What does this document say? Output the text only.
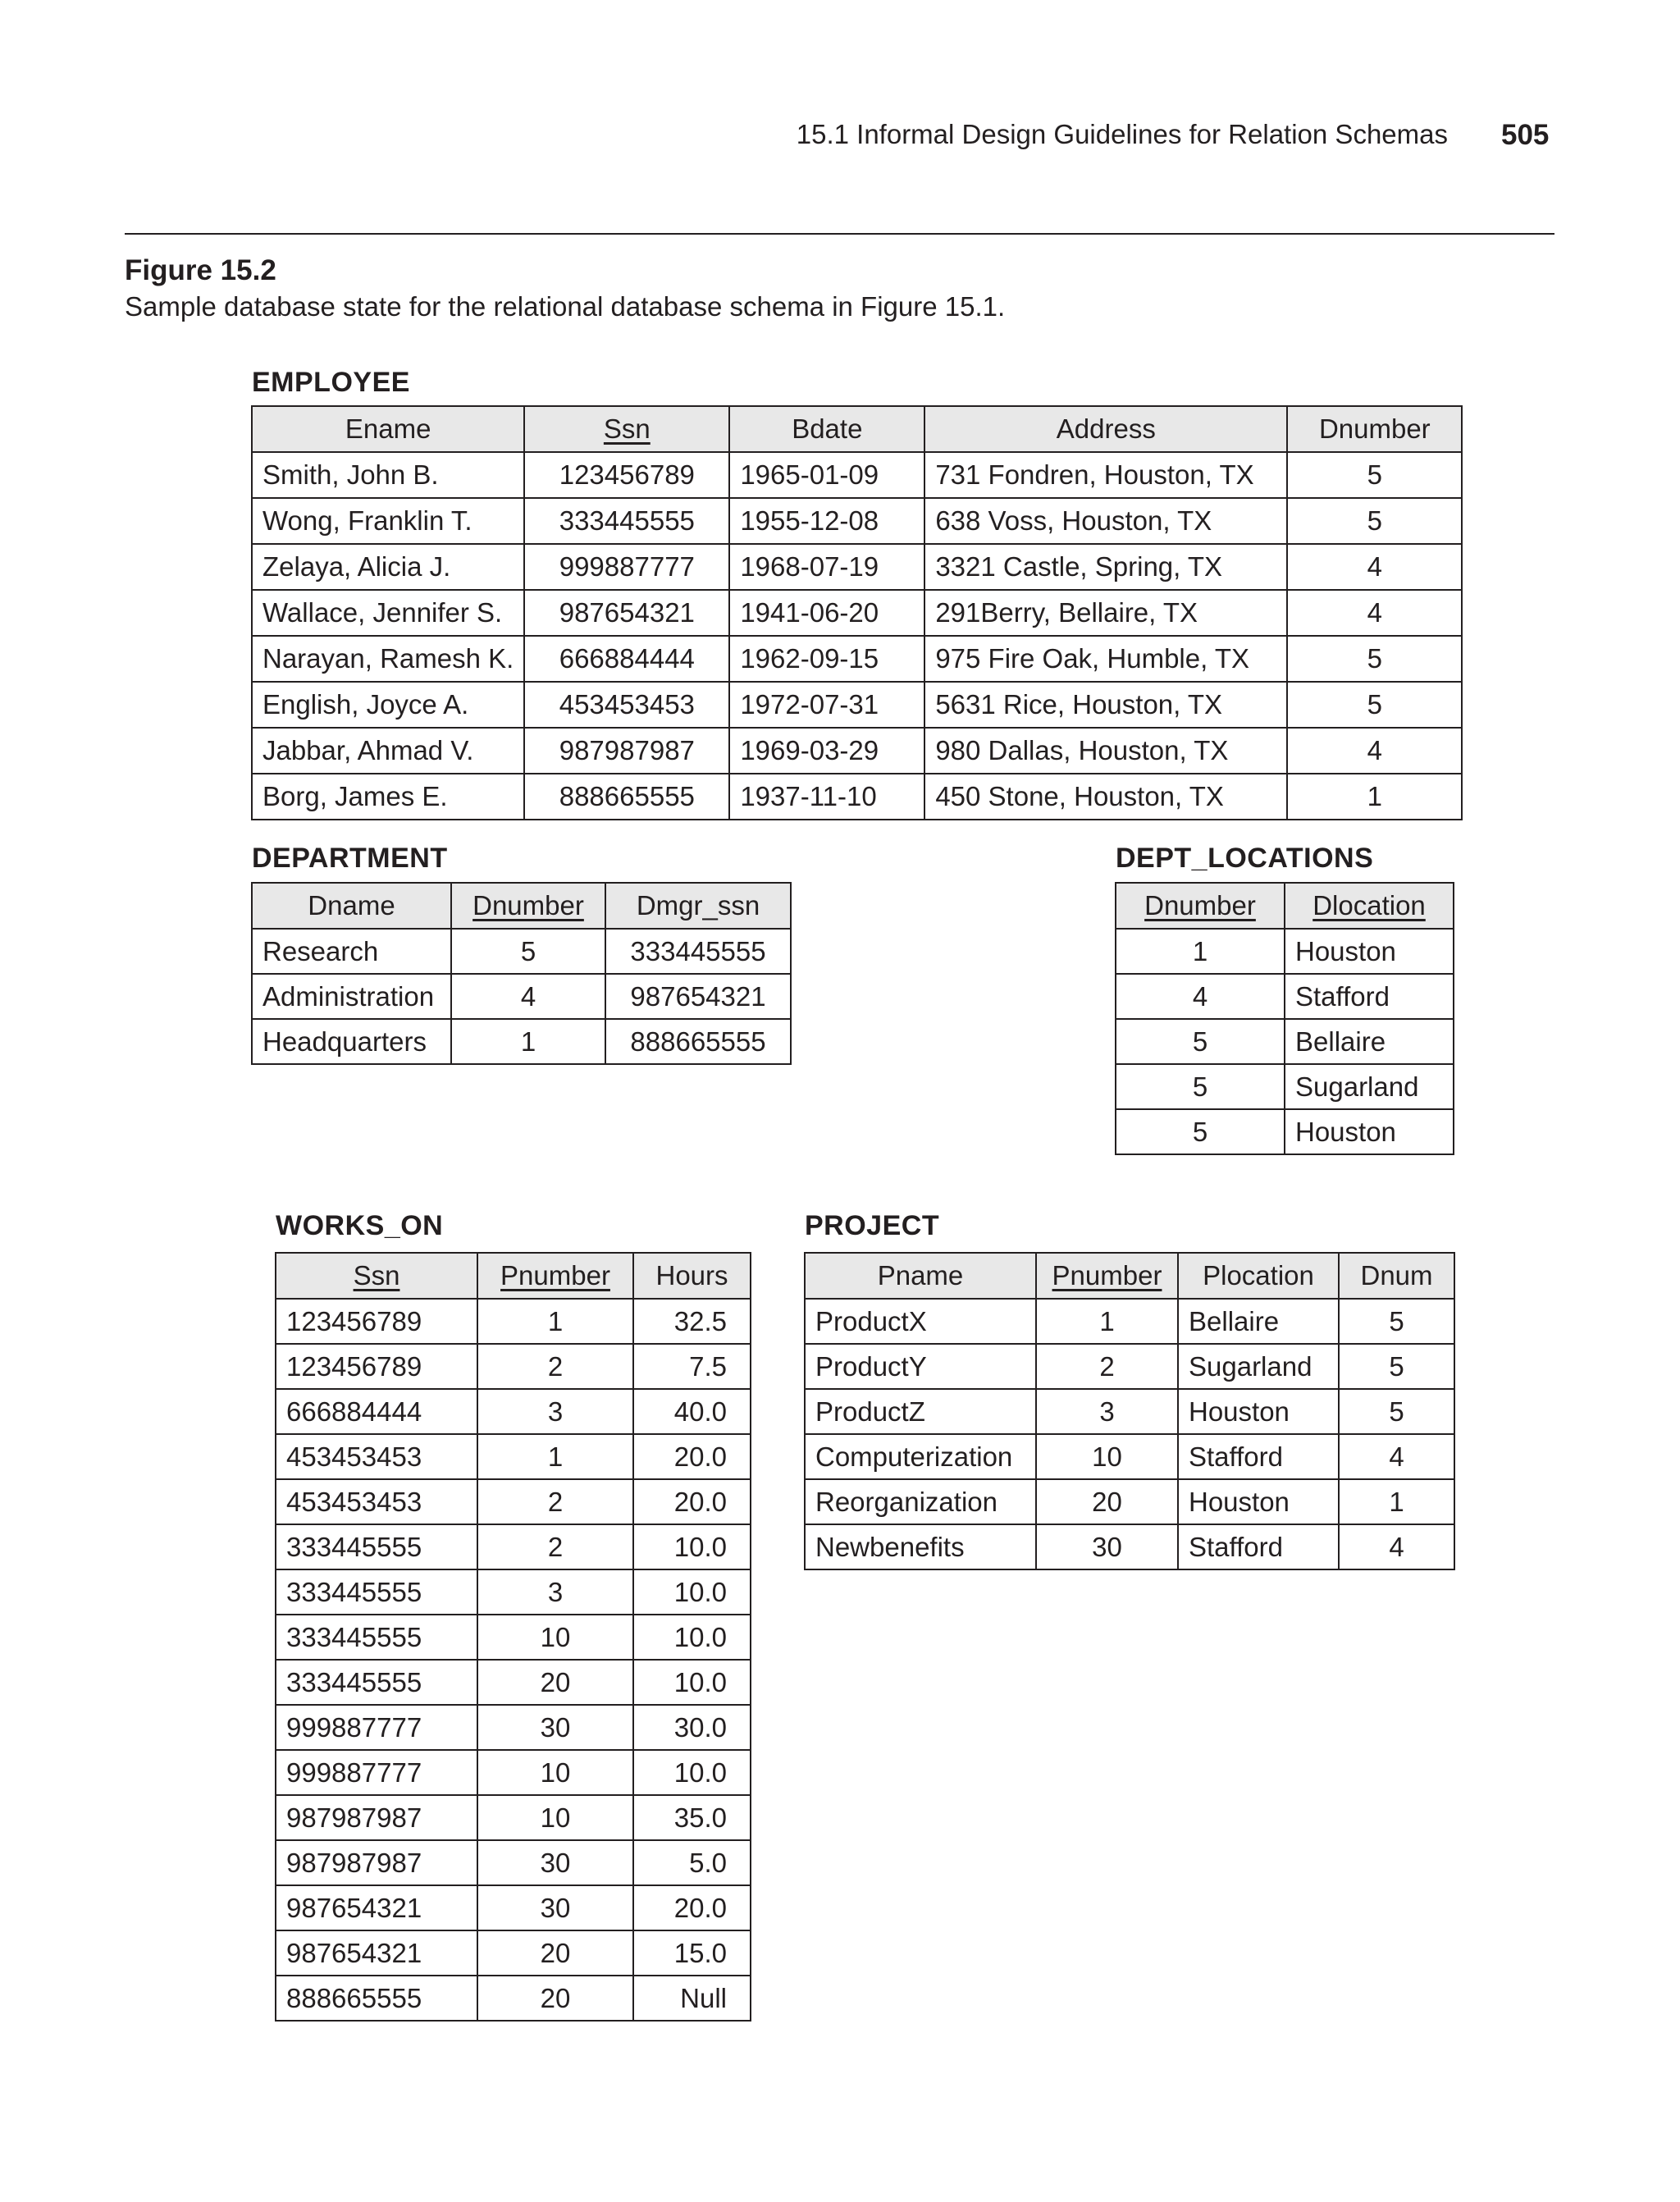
15.1 Informal Design Guidelines for Relation Schemas 505
Figure 15.2
Sample database state for the relational database schema in Figure 15.1.
EMPLOYEE
Ename	Ssn	Bdate	Address	Dnumber
Smith, John B.	123456789	1965-01-09	731 Fondren, Houston, TX	5
Wong, Franklin T.	333445555	1955-12-08	638 Voss, Houston, TX	5
Zelaya, Alicia J.	999887777	1968-07-19	3321 Castle, Spring, TX	4
Wallace, Jennifer S.	987654321	1941-06-20	291Berry, Bellaire, TX	4
Narayan, Ramesh K.	666884444	1962-09-15	975 Fire Oak, Humble, TX	5
English, Joyce A.	453453453	1972-07-31	5631 Rice, Houston, TX	5
Jabbar, Ahmad V.	987987987	1969-03-29	980 Dallas, Houston, TX	4
Borg, James E.	888665555	1937-11-10	450 Stone, Houston, TX	1
DEPARTMENT
Dname	Dnumber	Dmgr_ssn
Research	5	333445555
Administration	4	987654321
Headquarters	1	888665555
DEPT_LOCATIONS
Dnumber	Dlocation
1	Houston
4	Stafford
5	Bellaire
5	Sugarland
5	Houston
WORKS_ON
Ssn	Pnumber	Hours
123456789	1	32.5
123456789	2	7.5
666884444	3	40.0
453453453	1	20.0
453453453	2	20.0
333445555	2	10.0
333445555	3	10.0
333445555	10	10.0
333445555	20	10.0
999887777	30	30.0
999887777	10	10.0
987987987	10	35.0
987987987	30	5.0
987654321	30	20.0
987654321	20	15.0
888665555	20	Null
PROJECT
Pname	Pnumber	Plocation	Dnum
ProductX	1	Bellaire	5
ProductY	2	Sugarland	5
ProductZ	3	Houston	5
Computerization	10	Stafford	4
Reorganization	20	Houston	1
Newbenefits	30	Stafford	4
